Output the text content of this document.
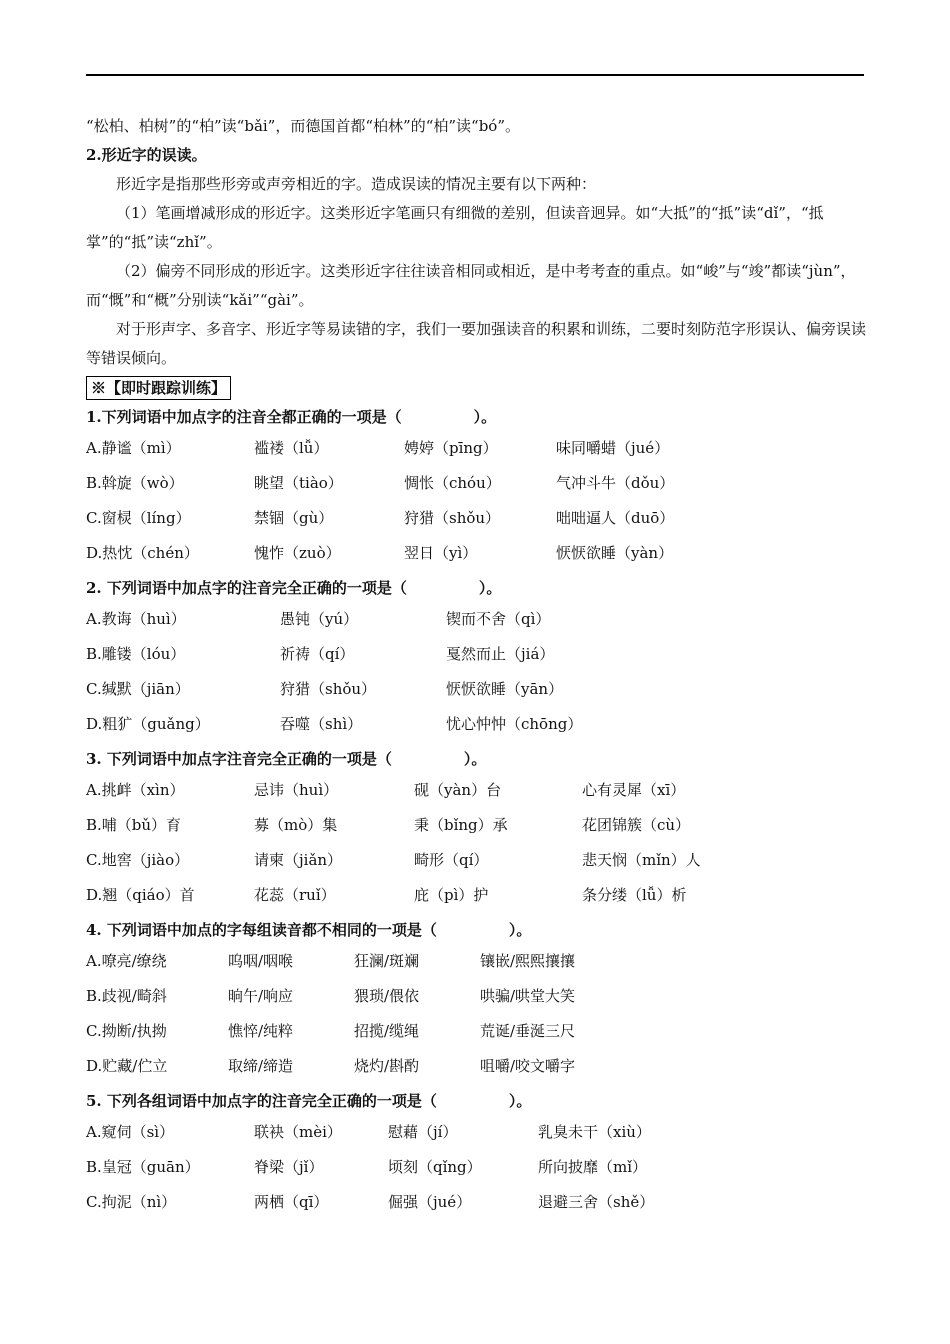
“松柏、柏树”的“柏”读“bǎi”，而德国首都“柏林”的“柏”读“bó”。
2.形近字的误读。
形近字是指那些形旁或声旁相近的字。造成误读的情况主要有以下两种：
（1）笔画增减形成的形近字。这类形近字笔画只有细微的差别，但读音迥异。如“大抵”的“抵”读“dǐ”，“抵掌”的“抵”读“zhǐ”。
（2）偏旁不同形成的形近字。这类形近字往往读音相同或相近，是中考考查的重点。如“峻”与“竣”都读“jùn”，而“慨”和“概”分别读“kǎi”“gài”。
对于形声字、多音字、形近字等易读错的字，我们一要加强读音的积累和训练，二要时刻防范字形误认、偏旁误读等错误倾向。
※【即时跟踪训练】
1.下列词语中加点字的注音全都正确的一项是（	）。
A.静谧（mì）	褴褛（lǚ）	娉婷（pīng）	味同嚼蜡（jué）
B.斡旋（wò）	眺望（tiào）	惆怅（chóu）	气冲斗牛（dǒu）
C.窗棂（líng）	禁锢（gù）	狩猎（shǒu）	咄咄逼人（duō）
D.热忱（chén）	愧怍（zuò）	翌日（yì）	恹恹欲睡（yàn）
2. 下列词语中加点字的注音完全正确的一项是（	）。
A.教诲（huì）	愚钝（yú）	锲而不舍（qì）
B.雕镂（lóu）	祈祷（qí）	戛然而止（jiá）
C.缄默（jiān）	狩猎（shǒu）	恹恹欲睡（yān）
D.粗犷（guǎng）	吞噬（shì）	忧心忡忡（chōng）
3. 下列词语中加点字注音完全正确的一项是（	）。
A.挑衅（xìn）	忌讳（huì）	砚（yàn）台	心有灵犀（xī）
B.哺（bǔ）育	募（mò）集	秉（bǐng）承	花团锦簇（cù）
C.地窖（jiào）	请柬（jiǎn）	畸形（qí）	悲天悯（mǐn）人
D.翘（qiáo）首	花蕊（ruǐ）	庇（pì）护	条分缕（lǚ）析
4. 下列词语中加点的字每组读音都不相同的一项是（	）。
A.嘹亮/缭绕	呜咽/咽喉	狂澜/斑斓	镶嵌/熙熙攘攘
B.歧视/畸斜	晌午/响应	猥琐/偎依	哄骗/哄堂大笑
C.拗断/执拗	憔悴/纯粹	招揽/缆绳	荒诞/垂涎三尺
D.贮藏/伫立	取缔/缔造	烧灼/斟酌	咀嚼/咬文嚼字
5. 下列各组词语中加点字的注音完全正确的一项是（	）。
A.窥伺（sì）	联袂（mèi）	慰藉（jí）	乳臭未干（xiù）
B.皇冠（guān）	脊梁（jǐ）	顷刻（qǐng）	所向披靡（mǐ）
C.拘泥（nì）	两栖（qī）	倔强（jué）	退避三舍（shě）
